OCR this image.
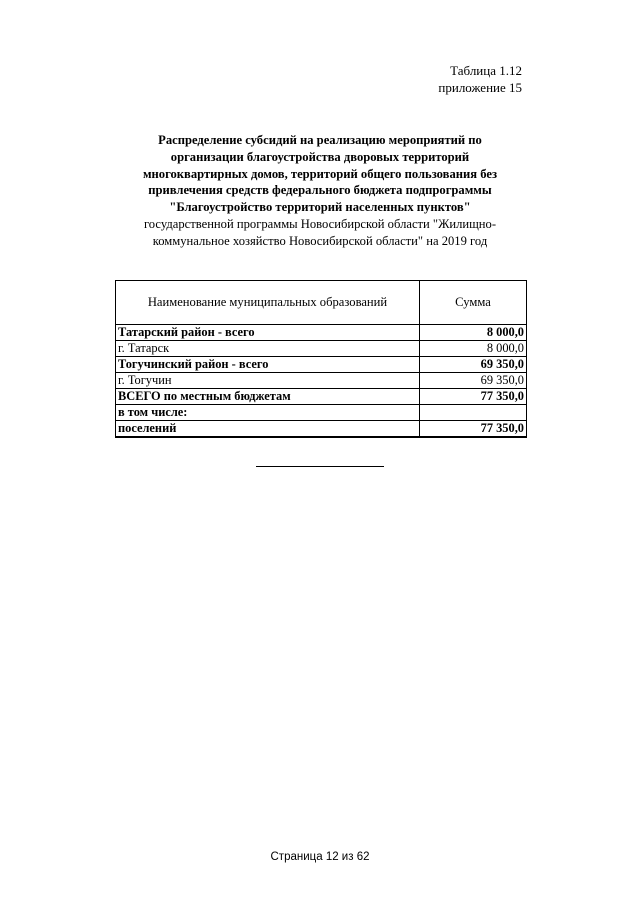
Таблица 1.12
приложение 15
Распределение субсидий на реализацию мероприятий по
организации благоустройства дворовых территорий
многоквартирных домов, территорий общего пользования без
привлечения средств федерального бюджета подпрограммы
"Благоустройство территорий населенных пунктов"
государственной программы Новосибирской области "Жилищно-
коммунальное хозяйство Новосибирской области" на 2019 год
Наименование муниципальных образований	Сумма
Татарский район - всего	8 000,0
г. Татарск	8 000,0
Тогучинский район - всего	69 350,0
г. Тогучин	69 350,0
ВСЕГО по местным бюджетам	77 350,0
в том числе:	
поселений	77 350,0
Страница 12 из 62
